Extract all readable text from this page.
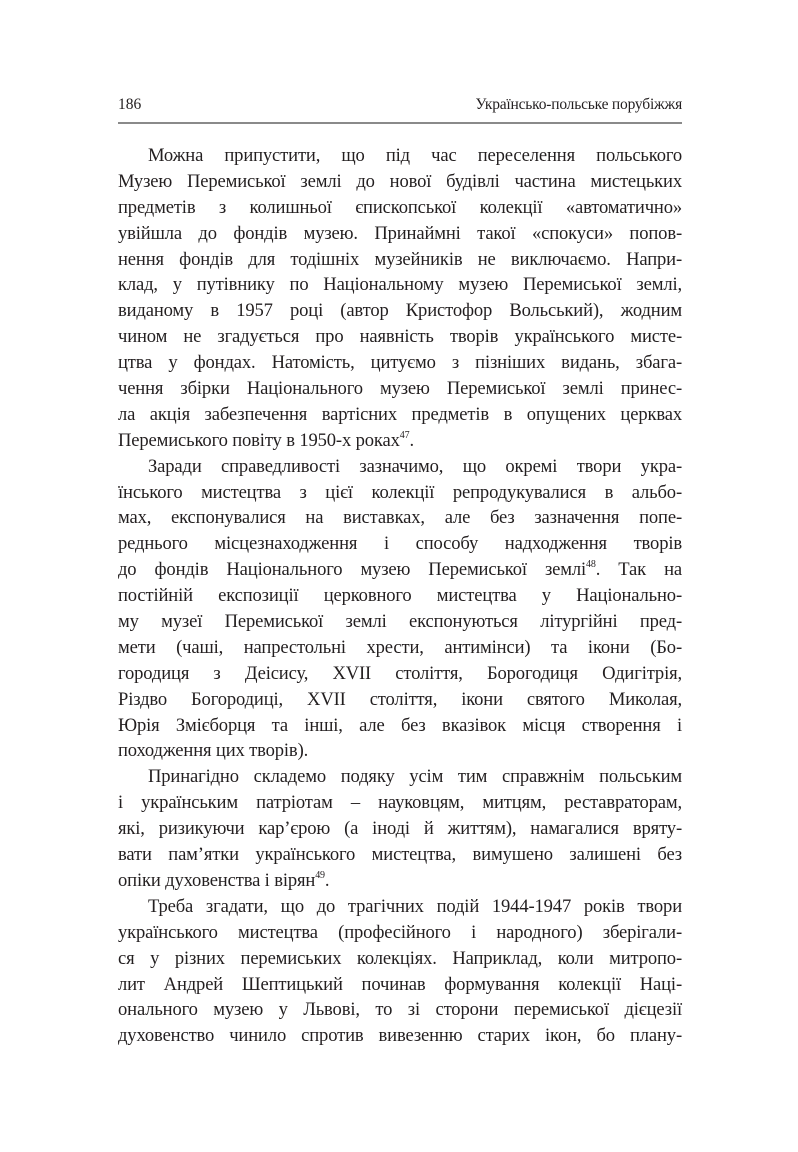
186	Українсько-польське порубіжжя
Можна припустити, що під час переселення польського
Музею Перемиської землі до нової будівлі частина мистецьких
предметів з колишньої єпископської колекції «автоматично»
увійшла до фондів музею. Принаймні такої «спокуси» попов-
нення фондів для тодішніх музейників не виключаємо. Напри-
клад, у путівнику по Національному музею Перемиської землі,
виданому в 1957 році (автор Кристофор Вольський), жодним
чином не згадується про наявність творів українського мисте-
цтва у фондах. Натомість, цитуємо з пізніших видань, збага-
чення збірки Національного музею Перемиської землі принес-
ла акція забезпечення вартісних предметів в опущених церквах
Перемиського повіту в 1950-х роках$^{47}$.
Заради справедливості зазначимо, що окремі твори укра-
їнського мистецтва з цієї колекції репродукувалися в альбо-
мах, експонувалися на виставках, але без зазначення попе-
реднього місцезнаходження і способу надходження творів
до фондів Національного музею Перемиської землі$^{48}$. Так на
постійній експозиції церковного мистецтва у Національно-
му музеї Перемиської землі експонуються літургійні пред-
мети (чаші, напрестольні хрести, антимінси) та ікони (Бо-
городиця з Деісису, XVII століття, Борогодиця Одигітрія,
Різдво Богородиці, XVII століття, ікони святого Миколая,
Юрія Змієборця та інші, але без вказівок місця створення і
походження цих творів).
Принагідно складемо подяку усім тим справжнім польським
і українським патріотам – науковцям, митцям, реставраторам,
які, ризикуючи кар’єрою (а іноді й життям), намагалися вряту-
вати пам’ятки українського мистецтва, вимушено залишені без
опіки духовенства і вірян$^{49}$.
Треба згадати, що до трагічних подій 1944-1947 років твори
українського мистецтва (професійного і народного) зберігали-
ся у різних перемиських колекціях. Наприклад, коли митропо-
лит Андрей Шептицький починав формування колекції Наці-
онального музею у Львові, то зі сторони перемиської дієцезії
духовенство чинило спротив вивезенню старих ікон, бо плану-
